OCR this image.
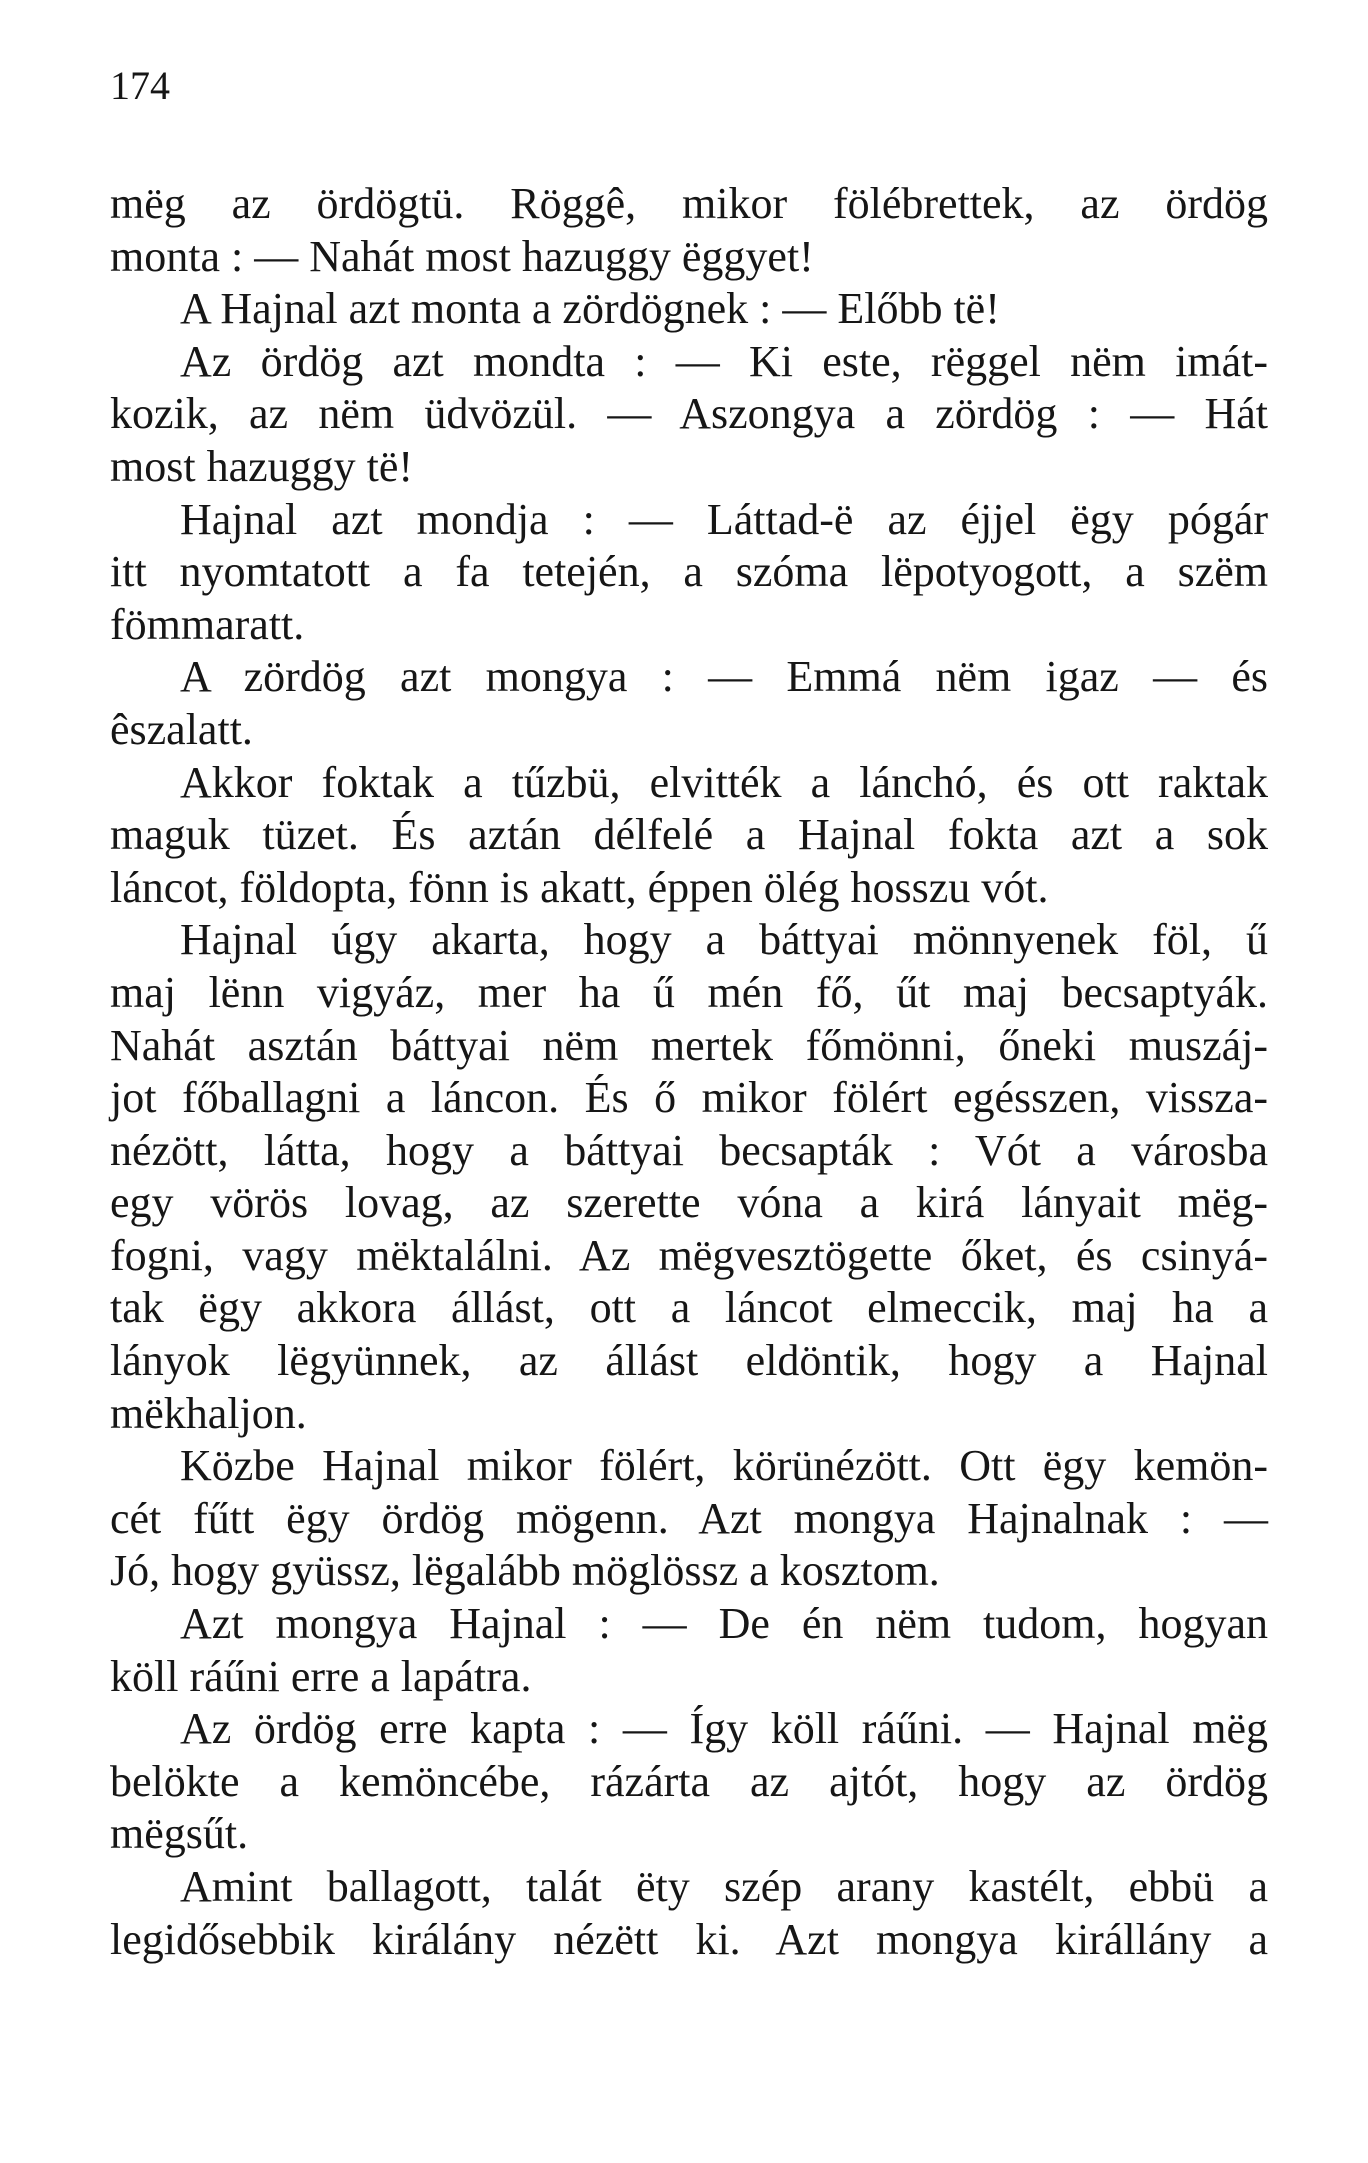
174
mëg az ördögtü. Röggê, mikor fölébrettek, az ördög
monta : — Nahát most hazuggy ëggyet!
A Hajnal azt monta a zördögnek : — Előbb të!
Az ördög azt mondta : — Ki este, rëggel nëm imát-
kozik, az nëm üdvözül. — Aszongya a zördög : — Hát
most hazuggy të!
Hajnal azt mondja : — Láttad-ë az éjjel ëgy pógár
itt nyomtatott a fa tetején, a szóma lëpotyogott, a szëm
fömmaratt.
A zördög azt mongya : — Emmá nëm igaz — és
êszalatt.
Akkor foktak a tűzbü, elvitték a lánchó, és ott raktak
maguk tüzet. És aztán délfelé a Hajnal fokta azt a sok
láncot, földopta, fönn is akatt, éppen ölég hosszu vót.
Hajnal úgy akarta, hogy a báttyai mönnyenek föl, ű
maj lënn vigyáz, mer ha ű mén fő, űt maj becsaptyák.
Nahát asztán báttyai nëm mertek főmönni, őneki muszáj-
jot főballagni a láncon. És ő mikor fölért egésszen, vissza-
nézött, látta, hogy a báttyai becsapták : Vót a városba
egy vörös lovag, az szerette vóna a kirá lányait mëg-
fogni, vagy mëktalálni. Az mëgvesztögette őket, és csinyá-
tak ëgy akkora állást, ott a láncot elmeccik, maj ha a
lányok lëgyünnek, az állást eldöntik, hogy a Hajnal
mëkhaljon.
Közbe Hajnal mikor fölért, körünézött. Ott ëgy kemön-
cét fűtt ëgy ördög mögenn. Azt mongya Hajnalnak : —
Jó, hogy gyüssz, lëgalább möglössz a kosztom.
Azt mongya Hajnal : — De én nëm tudom, hogyan
köll ráűni erre a lapátra.
Az ördög erre kapta : — Így köll ráűni. — Hajnal mëg
belökte a kemöncébe, rázárta az ajtót, hogy az ördög
mëgsűt.
Amint ballagott, talát ëty szép arany kastélt, ebbü a
legidősebbik királány nézëtt ki. Azt mongya királlány a
